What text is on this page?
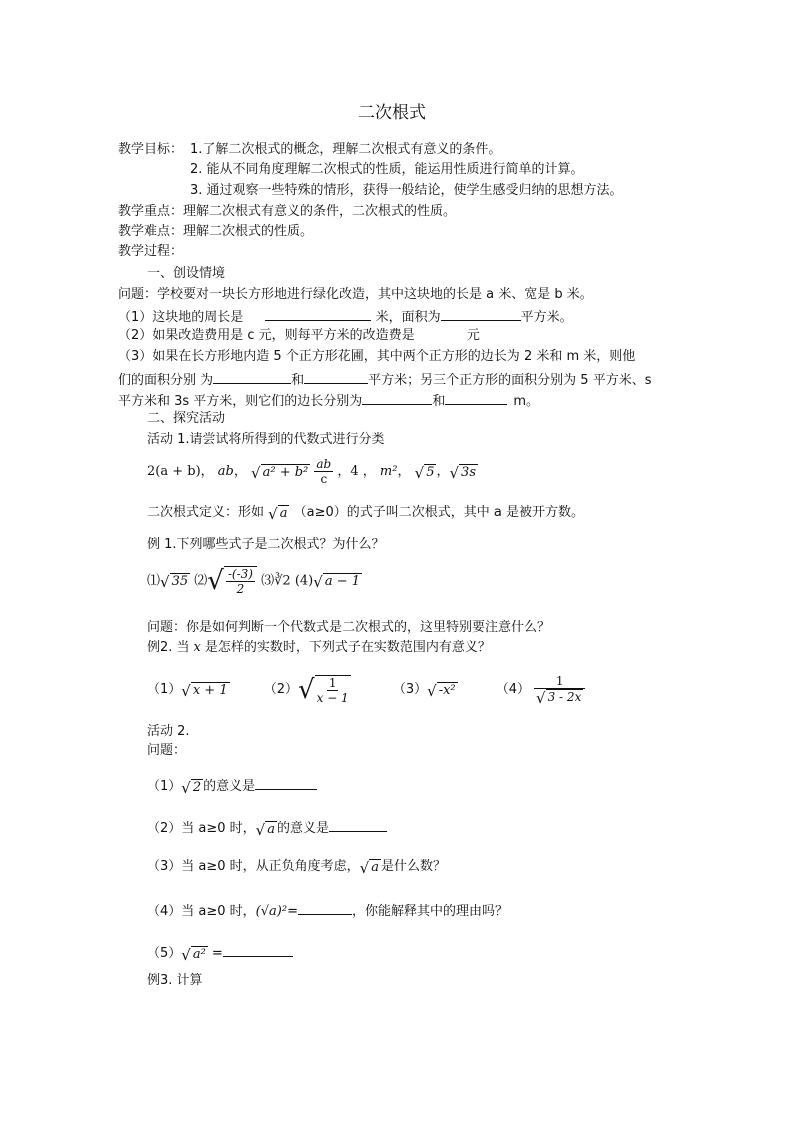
二次根式
教学目标： 1.了解二次根式的概念，理解二次根式有意义的条件。
2. 能从不同角度理解二次根式的性质，能运用性质进行简单的计算。
3. 通过观察一些特殊的情形，获得一般结论，使学生感受归纳的思想方法。
教学重点：理解二次根式有意义的条件，二次根式的性质。
教学难点：理解二次根式的性质。
教学过程：
一、创设情境
问题：学校要对一块长方形地进行绿化改造，其中这块地的长是 a 米、宽是 b 米。
（1）这块地的周长是	米，面积为	平方米。
（2）如果改造费用是 c 元，则每平方米的改造费是	元
（3）如果在长方形地内造 5 个正方形花圃，其中两个正方形的边长为 2 米和 m 米，则他
们的面积分别 为	和	平方米；另三个正方形的面积分别为 5 平方米、s
平方米和 3s 平方米，则它们的边长分别为	和	m。
二、探究活动
活动 1.请尝试将所得到的代数式进行分类
2(a + b)， ab， √ a² + b²
$\frac{ab}{c}$ ，4 ， m²， √ 5 ， √ 3s
二次根式定义：形如 √ a （a≥0）的式子叫二次根式，其中 a 是被开方数。
例 1.下列哪些式子是二次根式？为什么？
⑴ √ 35 ⑵ √ $\frac{-(-3)}{2}$ ⑶∛2 (4) √ a − 1
问题：你是如何判断一个代数式是二次根式的，这里特别要注意什么？
例2. 当 x 是怎样的实数时，下列式子在实数范围内有意义？
（1） √ x + 1	（2） √ $\frac{1}{x - 1}$	（3） √ -x²	$(4) \frac{1}{√ 3 - 2x}$
活动 2.
问题：
（1） √ 2 的意义是
（2）当 a≥0 时， √ a 的意义是
（3）当 a≥0 时，从正负角度考虑， √ a 是什么数？
（4）当 a≥0 时，(√a)²=	，你能解释其中的理由吗？
（5） √ a² =
例3. 计算
